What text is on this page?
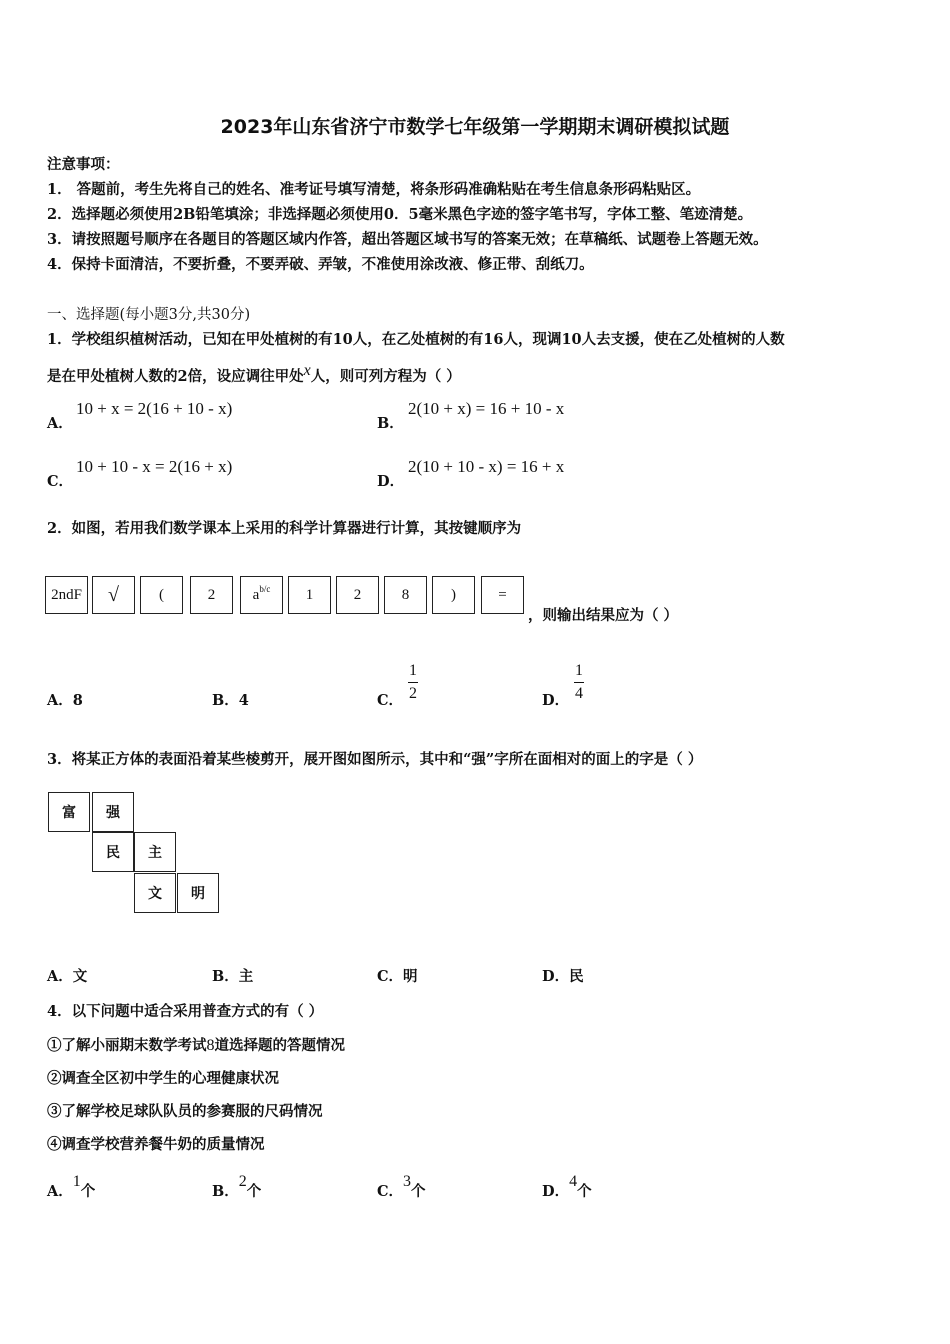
2023年山东省济宁市数学七年级第一学期期末调研模拟试题
注意事项：
1． 答题前，考生先将自己的姓名、准考证号填写清楚，将条形码准确粘贴在考生信息条形码粘贴区。
2．选择题必须使用2B铅笔填涂；非选择题必须使用0．5毫米黑色字迹的签字笔书写，字体工整、笔迹清楚。
3．请按照题号顺序在各题目的答题区域内作答，超出答题区域书写的答案无效；在草稿纸、试题卷上答题无效。
4．保持卡面清洁，不要折叠，不要弄破、弄皱，不准使用涂改液、修正带、刮纸刀。
一、选择题(每小题3分,共30分)
1．学校组织植树活动，已知在甲处植树的有10人，在乙处植树的有16人，现调10人去支援，使在乙处植树的人数
是在甲处植树人数的2倍，设应调往甲处x人，则可列方程为（ ）
A．
10 + x = 2(16 + 10 - x)
B．
2(10 + x) = 16 + 10 - x
C．
10 + 10 - x = 2(16 + x)
D．
2(10 + 10 - x) = 16 + x
2．如图，若用我们数学课本上采用的科学计算器进行计算，其按键顺序为
2ndF	√	(	2	a b/c	1	2	8	)	=
，则输出结果应为（ ）
A．8	B．4	C．
1
2	D．
1
4
3．将某正方体的表面沿着某些棱剪开，展开图如图所示，其中和“强”字所在面相对的面上的字是（ ）
富	强
民	主
文	明
A．文	B．主	C．明	D．民
4．以下问题中适合采用普查方式的有（ ）
①了解小丽期末数学考试8道选择题的答题情况
②调查全区初中学生的心理健康状况
③了解学校足球队队员的参赛服的尺码情况
④调查学校营养餐牛奶的质量情况
A．1个	B．2个	C．3个	D．4个
